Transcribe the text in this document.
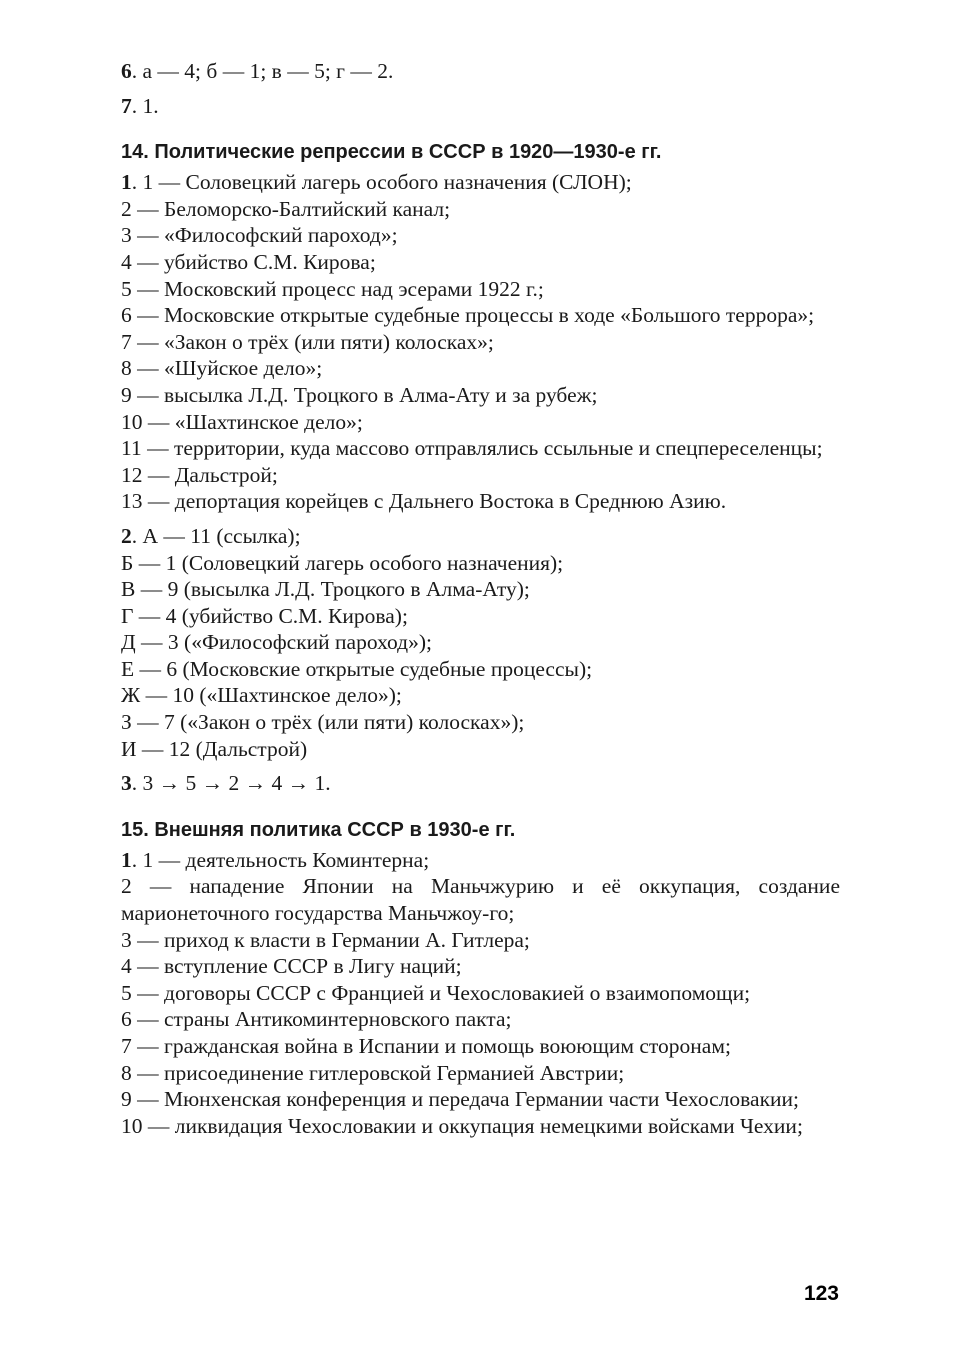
6. а — 4; б — 1; в — 5; г — 2.

7. 1.

14. Политические репрессии в СССР в 1920—1930-е гг.

1. 1 — Соловецкий лагерь особого назначения (СЛОН);

2 — Беломорско-Балтийский канал;

3 — «Философский пароход»;

4 — убийство С.М. Кирова;

5 — Московский процесс над эсерами 1922 г.;

6 — Московские открытые судебные процессы в ходе «Большого террора»;

7 — «Закон о трёх (или пяти) колосках»;

8 — «Шуйское дело»;

9 — высылка Л.Д. Троцкого в Алма-Ату и за рубеж;

10 — «Шахтинское дело»;

11 — территории, куда массово отправлялись ссыльные и спецпереселенцы;

12 — Дальстрой;

13 — депортация корейцев с Дальнего Востока в Среднюю Азию.

2. А — 11 (ссылка);

Б — 1 (Соловецкий лагерь особого назначения);

В — 9 (высылка Л.Д. Троцкого в Алма-Ату);

Г — 4 (убийство С.М. Кирова);

Д — 3 («Философский пароход»);

Е — 6 (Московские открытые судебные процессы);

Ж — 10 («Шахтинское дело»);

З — 7 («Закон о трёх (или пяти) колосках»);

И — 12 (Дальстрой)

3. 3 → 5 → 2 → 4 → 1.

15. Внешняя политика СССР в 1930-е гг.

1. 1 — деятельность Коминтерна;

2 — нападение Японии на Маньчжурию и её оккупация, создание марионеточного государства Маньчжоу-го;

3 — приход к власти в Германии А. Гитлера;

4 — вступление СССР в Лигу наций;

5 — договоры СССР с Францией и Чехословакией о взаимопомощи;

6 — страны Антикоминтерновского пакта;

7 — гражданская война в Испании и помощь воюющим сторонам;

8 — присоединение гитлеровской Германией Австрии;

9 — Мюнхенская конференция и передача Германии части Чехословакии;

10 — ликвидация Чехословакии и оккупация немецкими войсками Чехии;

123
